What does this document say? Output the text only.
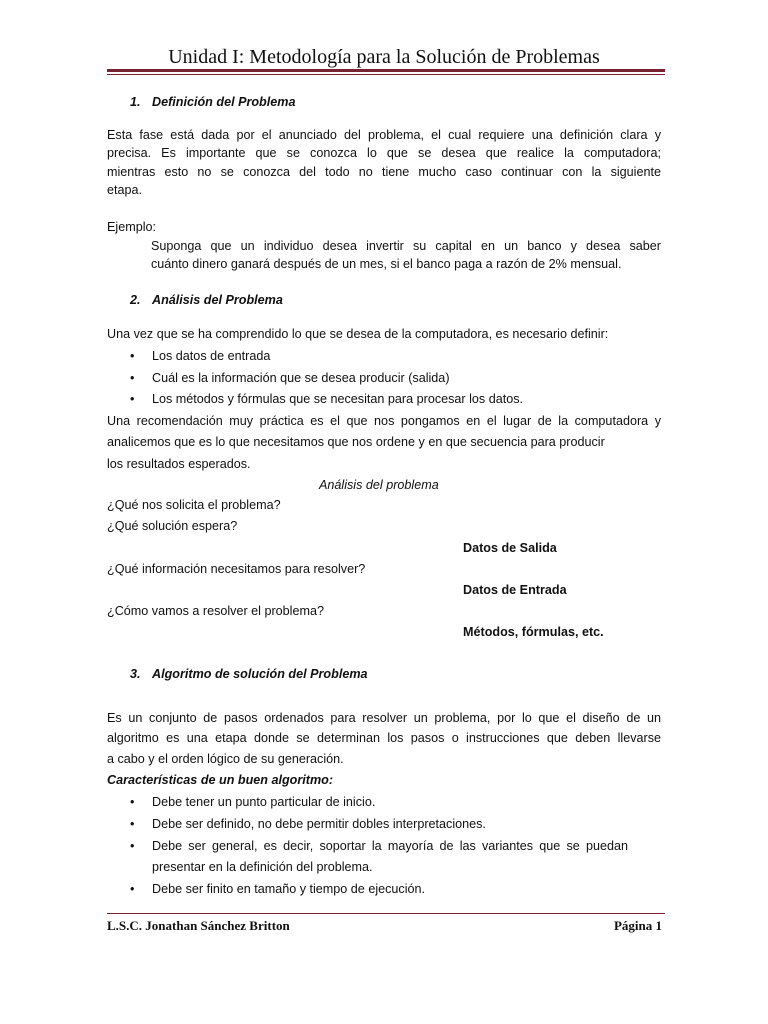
Unidad I: Metodología para la Solución de Problemas
1. Definición del Problema
Esta fase está dada por el anunciado del problema, el cual requiere una definición clara y
precisa. Es importante que se conozca lo que se desea que realice la computadora;
mientras esto no se conozca del todo no tiene mucho caso continuar con la siguiente
etapa.
Ejemplo:
Suponga que un individuo desea invertir su capital en un banco y desea saber
cuánto dinero ganará después de un mes, si el banco paga a razón de 2% mensual.
2. Análisis del Problema
Una vez que se ha comprendido lo que se desea de la computadora, es necesario definir:
• Los datos de entrada
• Cuál es la información que se desea producir (salida)
• Los métodos y fórmulas que se necesitan para procesar los datos.
Una recomendación muy práctica es el que nos pongamos en el lugar de la computadora y
analicemos que es lo que necesitamos que nos ordene y en que secuencia para producir
los resultados esperados.
Análisis del problema
¿Qué nos solicita el problema?
¿Qué solución espera?
Datos de Salida
¿Qué información necesitamos para resolver?
Datos de Entrada
¿Cómo vamos a resolver el problema?
Métodos, fórmulas, etc.
3. Algoritmo de solución del Problema
Es un conjunto de pasos ordenados para resolver un problema, por lo que el diseño de un
algoritmo es una etapa donde se determinan los pasos o instrucciones que deben llevarse
a cabo y el orden lógico de su generación.
Características de un buen algoritmo:
• Debe tener un punto particular de inicio.
• Debe ser definido, no debe permitir dobles interpretaciones.
• Debe ser general, es decir, soportar la mayoría de las variantes que se puedan
presentar en la definición del problema.
• Debe ser finito en tamaño y tiempo de ejecución.
L.S.C. Jonathan Sánchez Britton	Página 1
